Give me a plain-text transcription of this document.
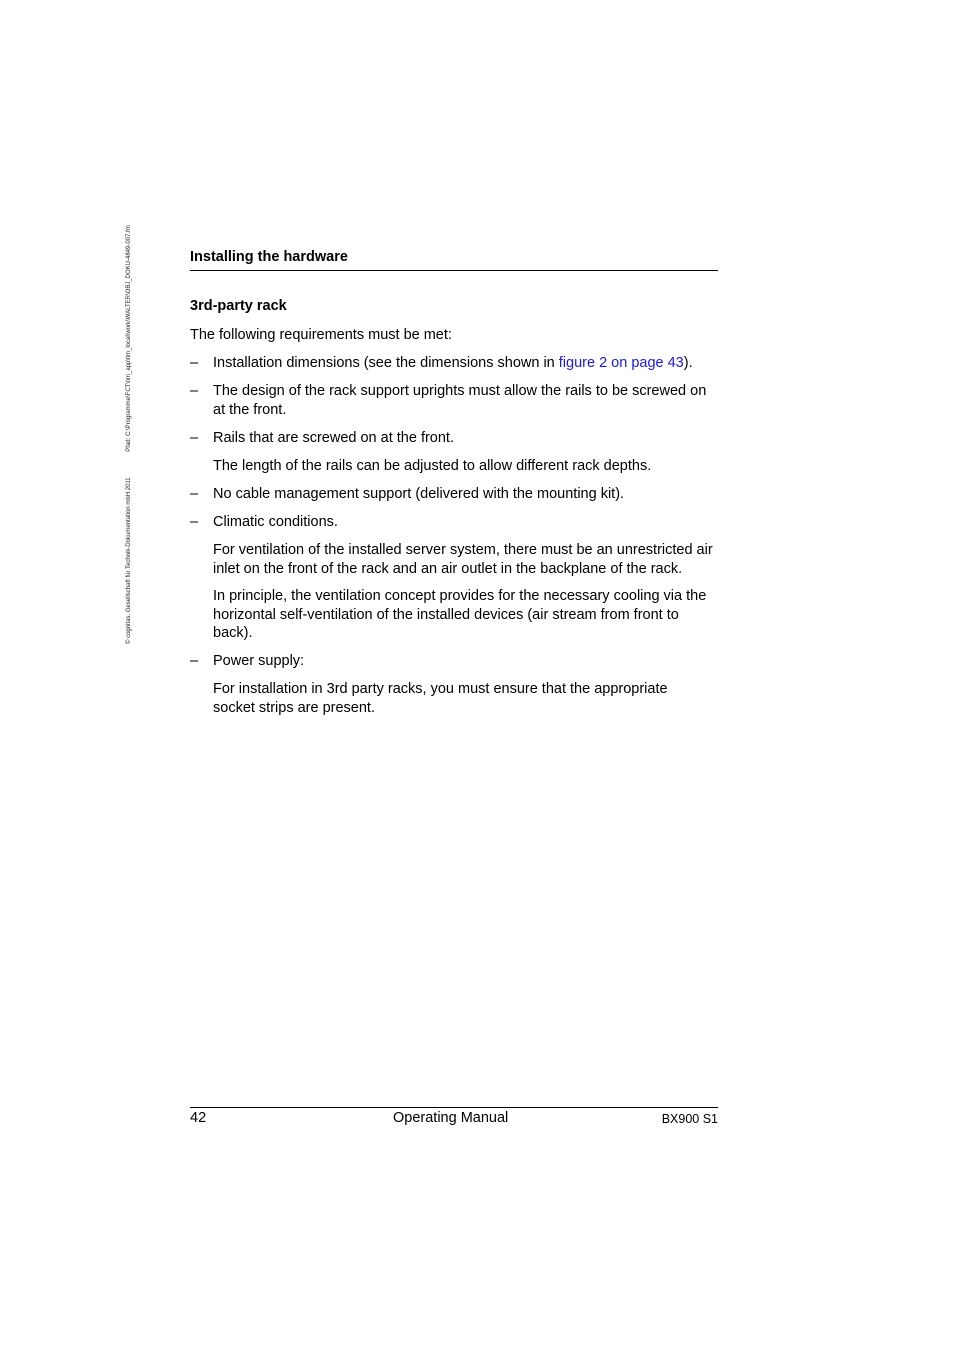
© cognitas. Gesellschaft für Technik-Dokumentation mbH 2011 Pfad: C:\Programme\FCT\tim_app\tim_local\work\WALTER\OBJ_DOKU-4849-007.fm	Installing the hardware
3rd-party rack
The following requirements must be met:
– Installation dimensions (see the dimensions shown in figure 2 on page 43).
– The design of the rack support uprights must allow the rails to be screwed on at the front.
– Rails that are screwed on at the front.
The length of the rails can be adjusted to allow different rack depths.
– No cable management support (delivered with the mounting kit).
– Climatic conditions.
For ventilation of the installed server system, there must be an unrestricted air inlet on the front of the rack and an air outlet in the backplane of the rack.
In principle, the ventilation concept provides for the necessary cooling via the horizontal self-ventilation of the installed devices (air stream from front to back).
– Power supply:
For installation in 3rd party racks, you must ensure that the appropriate socket strips are present.
42	Operating Manual	BX900 S1
